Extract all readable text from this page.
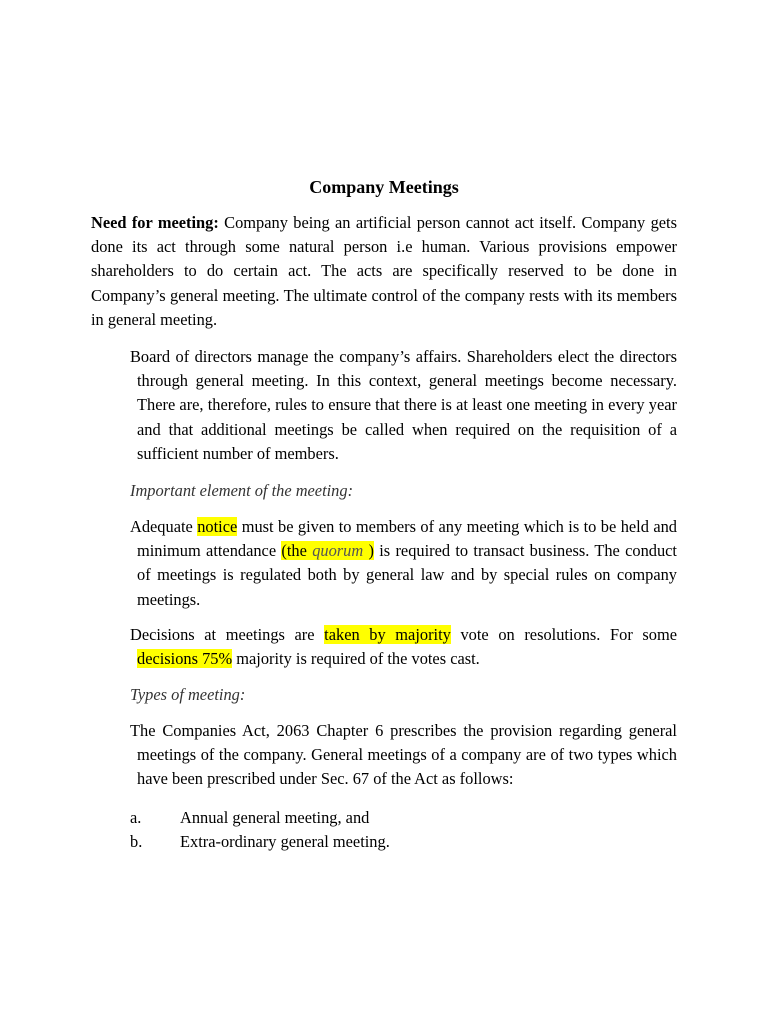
Company Meetings

Need for meeting: Company being an artificial person cannot act itself. Company gets done its act through some natural person i.e human. Various provisions empower shareholders to do certain act. The acts are specifically reserved to be done in Company’s general meeting. The ultimate control of the company rests with its members in general meeting.

Board of directors manage the company’s affairs. Shareholders elect the directors through general meeting. In this context, general meetings become necessary. There are, therefore, rules to ensure that there is at least one meeting in every year and that additional meetings be called when required on the requisition of a sufficient number of members.

Important element of the meeting:

Adequate notice must be given to members of any meeting which is to be held and minimum attendance (the quorum ) is required to transact business. The conduct of meetings is regulated both by general law and by special rules on company meetings.

Decisions at meetings are taken by majority vote on resolutions. For some decisions 75% majority is required of the votes cast.

Types of meeting:

The Companies Act, 2063 Chapter 6 prescribes the provision regarding general meetings of the company. General meetings of a company are of two types which have been prescribed under Sec. 67 of the Act as follows:

a.	Annual general meeting, and
b.	Extra-ordinary general meeting.
